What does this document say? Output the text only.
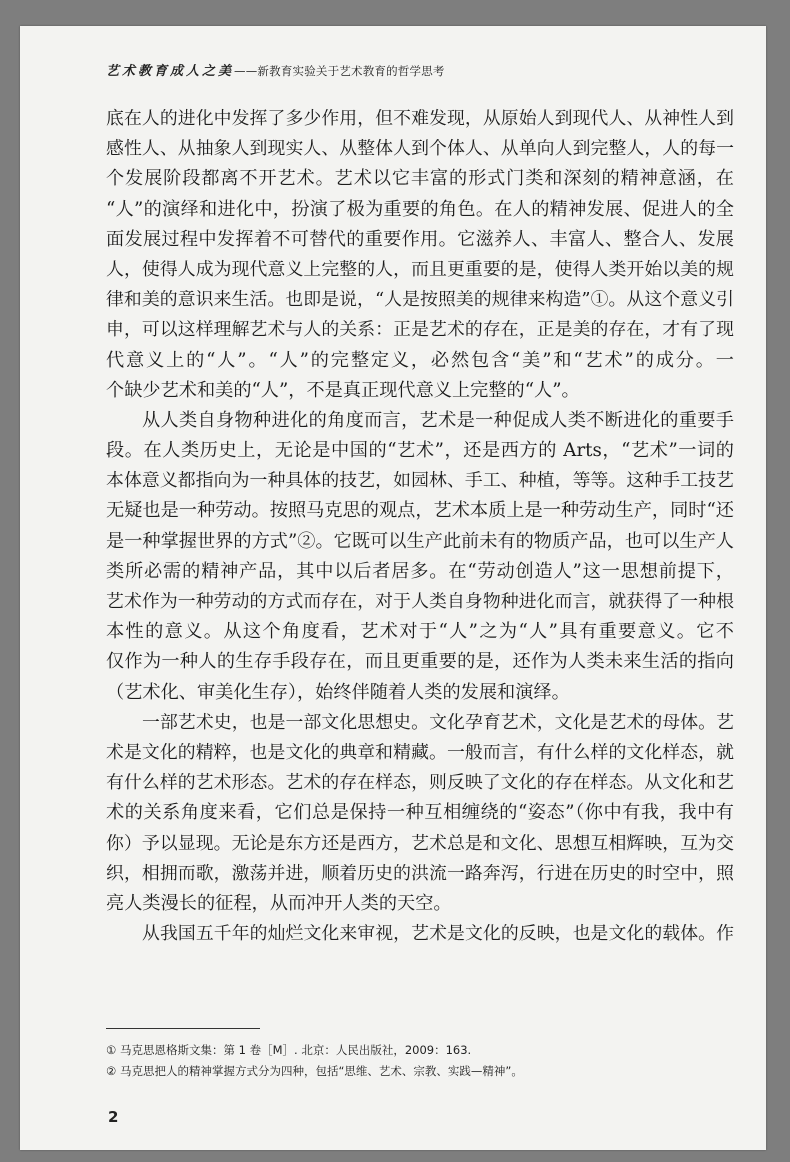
艺术教育成人之美——新教育实验关于艺术教育的哲学思考
底在人的进化中发挥了多少作用，但不难发现，从原始人到现代人、从神性人到
感性人、从抽象人到现实人、从整体人到个体人、从单向人到完整人，人的每一
个发展阶段都离不开艺术。艺术以它丰富的形式门类和深刻的精神意涵，在
“人”的演绎和进化中，扮演了极为重要的角色。在人的精神发展、促进人的全
面发展过程中发挥着不可替代的重要作用。它滋养人、丰富人、整合人、发展
人，使得人成为现代意义上完整的人，而且更重要的是，使得人类开始以美的规
律和美的意识来生活。也即是说，“人是按照美的规律来构造”①。从这个意义引
申，可以这样理解艺术与人的关系：正是艺术的存在，正是美的存在，才有了现
代意义上的“人”。“人”的完整定义，必然包含“美”和“艺术”的成分。一
个缺少艺术和美的“人”，不是真正现代意义上完整的“人”。
从人类自身物种进化的角度而言，艺术是一种促成人类不断进化的重要手
段。在人类历史上，无论是中国的“艺术”，还是西方的 Arts，“艺术”一词的
本体意义都指向为一种具体的技艺，如园林、手工、种植，等等。这种手工技艺
无疑也是一种劳动。按照马克思的观点，艺术本质上是一种劳动生产，同时“还
是一种掌握世界的方式”②。它既可以生产此前未有的物质产品，也可以生产人
类所必需的精神产品，其中以后者居多。在“劳动创造人”这一思想前提下，
艺术作为一种劳动的方式而存在，对于人类自身物种进化而言，就获得了一种根
本性的意义。从这个角度看，艺术对于“人”之为“人”具有重要意义。它不
仅作为一种人的生存手段存在，而且更重要的是，还作为人类未来生活的指向
（艺术化、审美化生存），始终伴随着人类的发展和演绎。
一部艺术史，也是一部文化思想史。文化孕育艺术，文化是艺术的母体。艺
术是文化的精粹，也是文化的典章和精藏。一般而言，有什么样的文化样态，就
有什么样的艺术形态。艺术的存在样态，则反映了文化的存在样态。从文化和艺
术的关系角度来看，它们总是保持一种互相缠绕的“姿态”（你中有我，我中有
你）予以显现。无论是东方还是西方，艺术总是和文化、思想互相辉映，互为交
织，相拥而歌，激荡并进，顺着历史的洪流一路奔泻，行进在历史的时空中，照
亮人类漫长的征程，从而冲开人类的天空。
从我国五千年的灿烂文化来审视，艺术是文化的反映，也是文化的载体。作
① 马克思恩格斯文集：第 1 卷［M］. 北京：人民出版社，2009：163.
② 马克思把人的精神掌握方式分为四种，包括“思维、艺术、宗教、实践—精神”。
2
